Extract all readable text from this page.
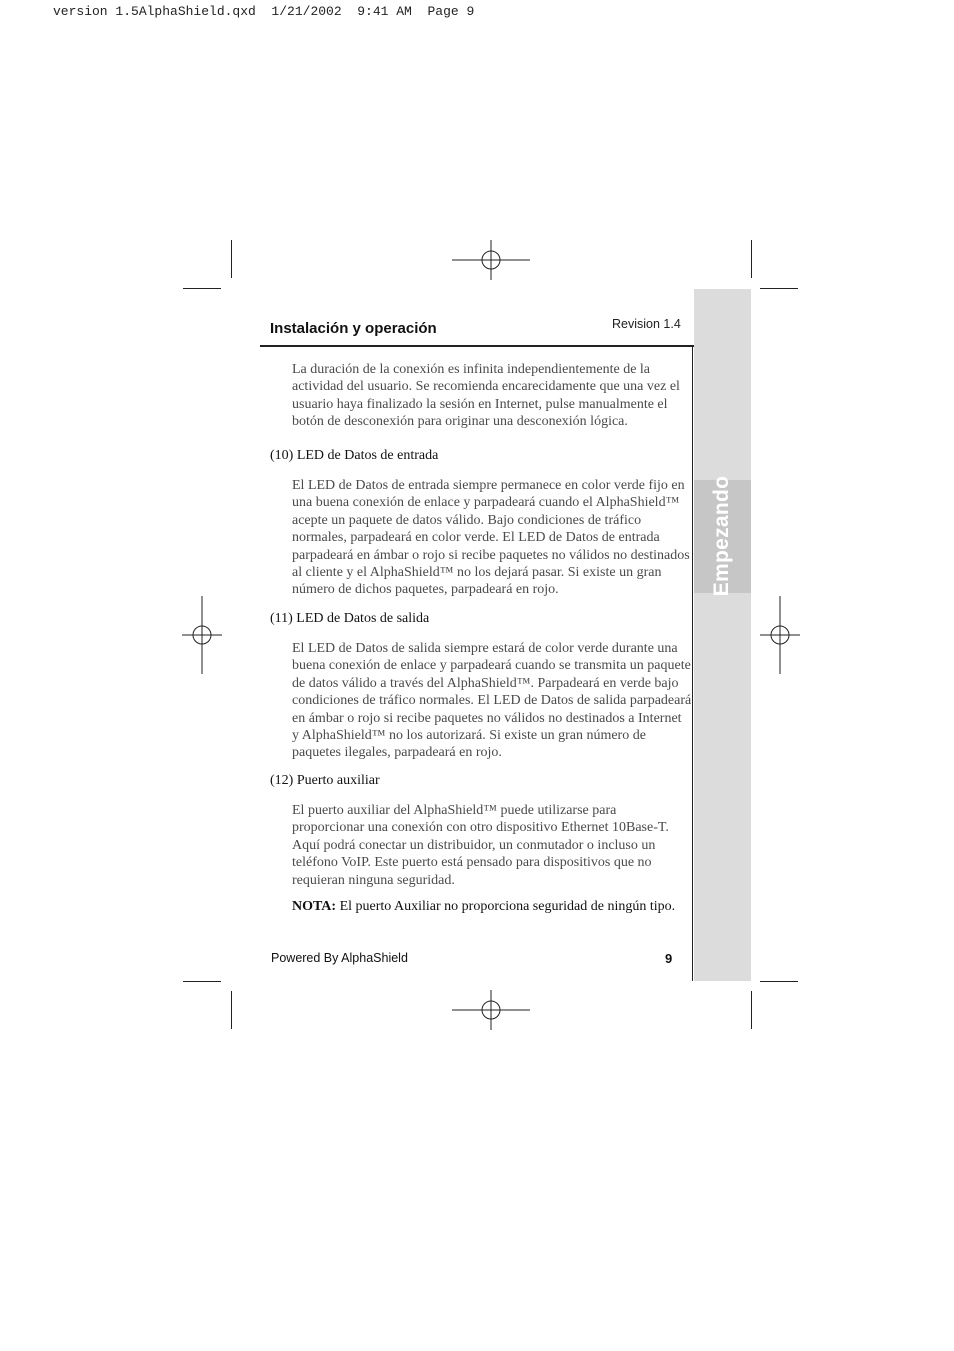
version 1.5AlphaShield.qxd  1/21/2002  9:41 AM  Page 9
Empezando
Instalación y operación	Revision 1.4

La duración de la conexión es infinita independientemente de la actividad del usuario. Se recomienda encarecidamente que una vez el usuario haya finalizado la sesión en Internet, pulse manualmente el botón de desconexión para originar una desconexión lógica.

(10) LED de Datos de entrada

El LED de Datos de entrada siempre permanece en color verde fijo en una buena conexión de enlace y parpadeará cuando el AlphaShield™ acepte un paquete de datos válido. Bajo condiciones de tráfico normales, parpadeará en color verde. El LED de Datos de entrada parpadeará en ámbar o rojo si recibe paquetes no válidos no destinados al cliente y el AlphaShield™ no los dejará pasar. Si existe un gran número de dichos paquetes, parpadeará en rojo.

(11) LED de Datos de salida

El LED de Datos de salida siempre estará de color verde durante una buena conexión de enlace y parpadeará cuando se transmita un paquete de datos válido a través del AlphaShield™. Parpadeará en verde bajo condiciones de tráfico normales. El LED de Datos de salida parpadeará en ámbar o rojo si recibe paquetes no válidos no destinados a Internet y AlphaShield™ no los autorizará. Si existe un gran número de paquetes ilegales, parpadeará en rojo.

(12) Puerto auxiliar

El puerto auxiliar del AlphaShield™ puede utilizarse para proporcionar una conexión con otro dispositivo Ethernet 10Base-T. Aquí podrá conectar un distribuidor, un conmutador o incluso un teléfono VoIP. Este puerto está pensado para dispositivos que no requieran ninguna seguridad.

NOTA: El puerto Auxiliar no proporciona seguridad de ningún tipo.

Powered By AlphaShield	9
